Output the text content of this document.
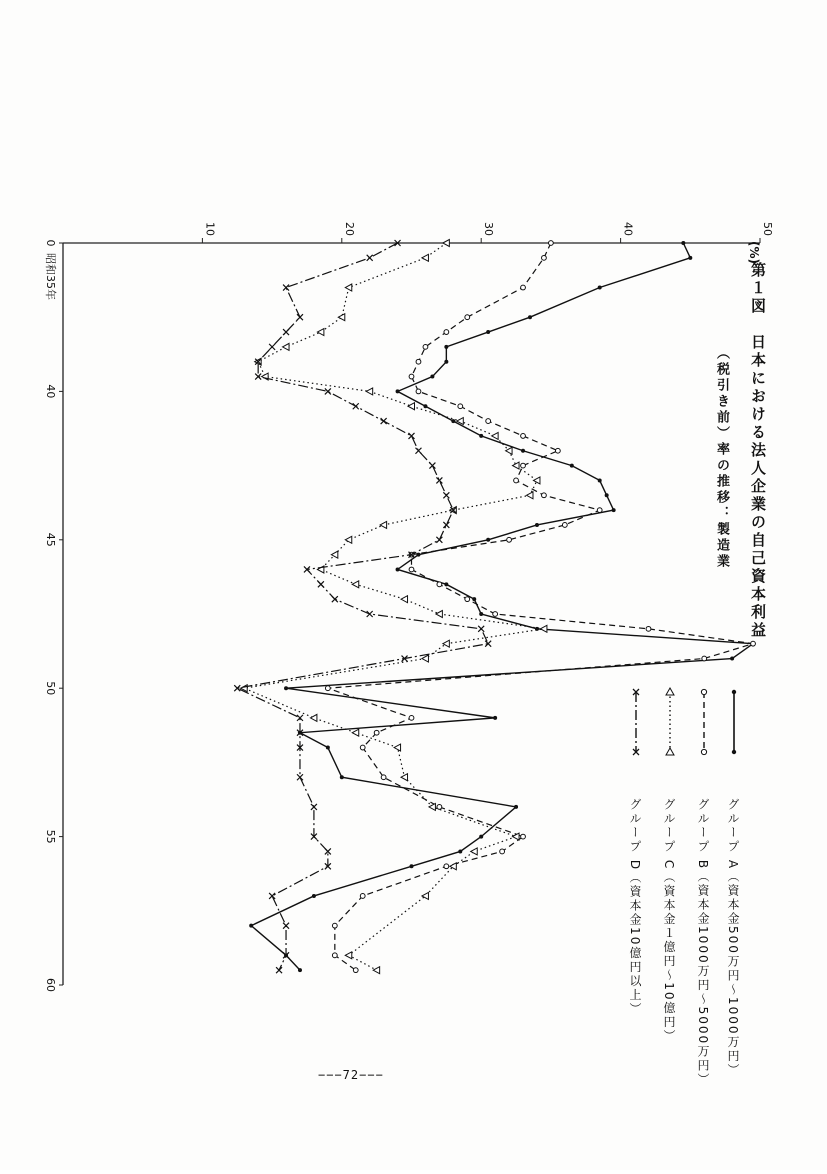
10	20	30	40	50
(%)
0
40
45
50
55
60
昭和35年	第１図　日本における法人企業の自己資本利益
（税引き前）率の推移：製造業
グループ A（資本金500万円〜1000万円）
グループ B（資本金1000万円〜5000万円）
グループ C（資本金１億円〜10億円）
グループ D（資本金10億円以上）
−−−72−−−
